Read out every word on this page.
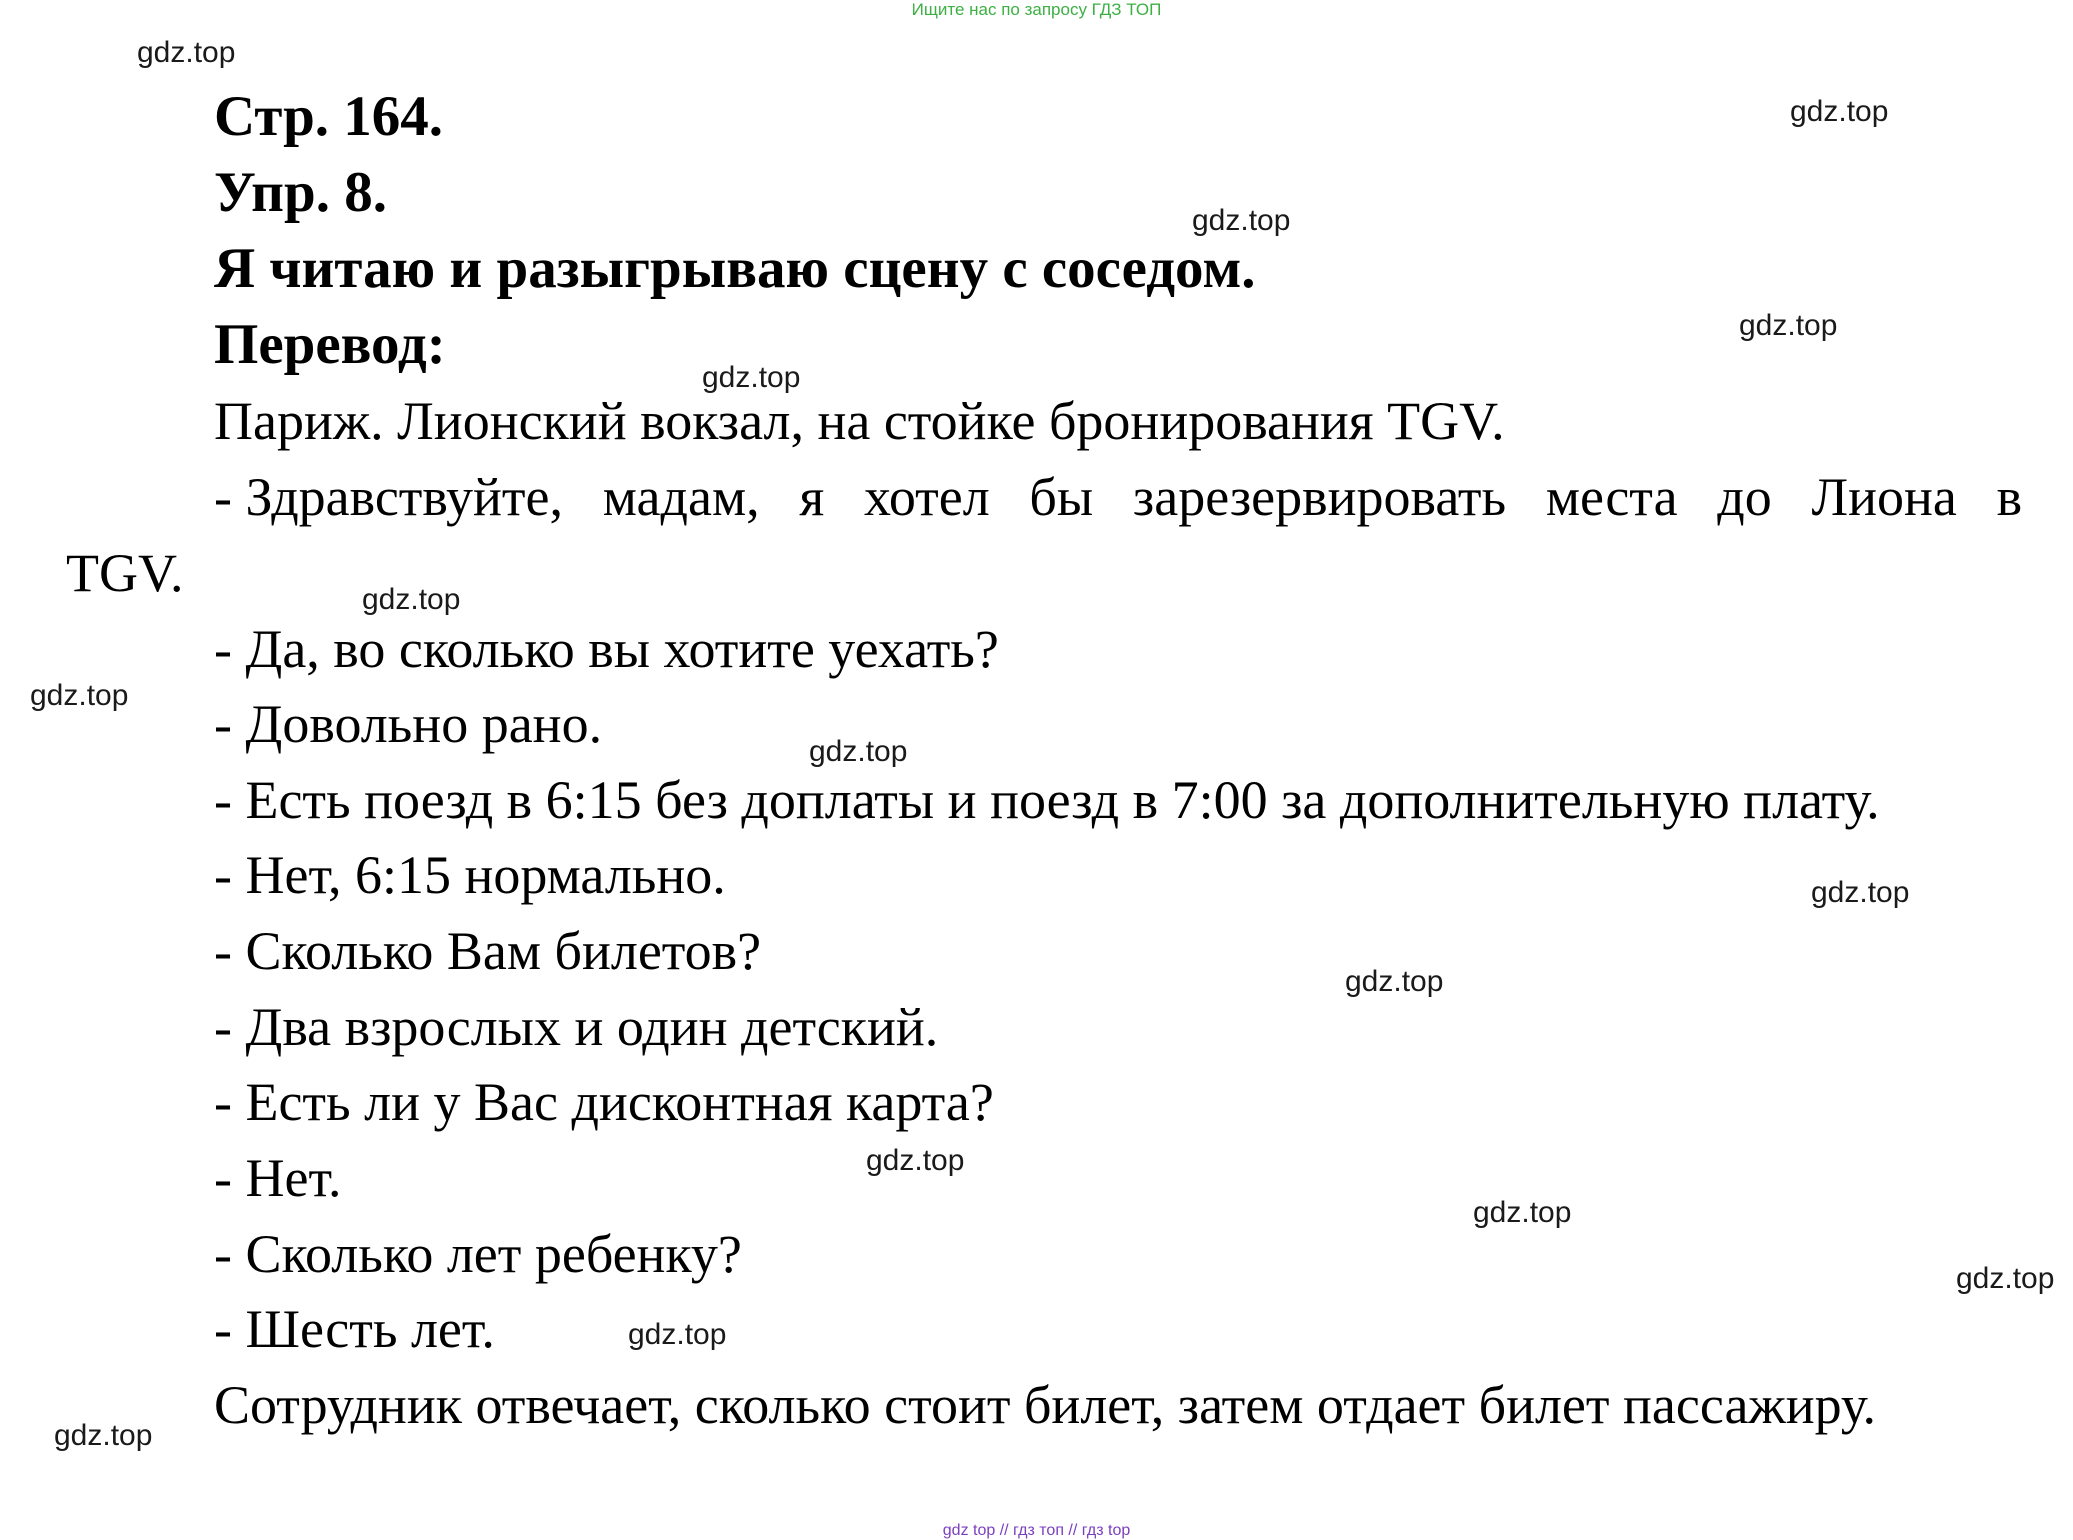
Ищите нас по запросу ГДЗ ТОП
Стр. 164.
Упр. 8.
Я читаю и разыгрываю сцену с соседом.
Перевод:
Париж. Лионский вокзал, на стойке бронирования TGV.
- Здравствуйте, мадам, я хотел бы зарезервировать места до Лиона в
TGV.
- Да, во сколько вы хотите уехать?
- Довольно рано.
- Есть поезд в 6:15 без доплаты и поезд в 7:00 за дополнительную плату.
- Нет, 6:15 нормально.
- Сколько Вам билетов?
- Два взрослых и один детский.
- Есть ли у Вас дисконтная карта?
- Нет.
- Сколько лет ребенку?
- Шесть лет.
Сотрудник отвечает, сколько стоит билет, затем отдает билет пассажиру.
gdz.top
gdz.top
gdz.top
gdz.top
gdz.top
gdz.top
gdz.top
gdz.top
gdz.top
gdz.top
gdz.top
gdz.top
gdz.top
gdz.top
gdz.top
gdz top // гдз топ // гдз top
